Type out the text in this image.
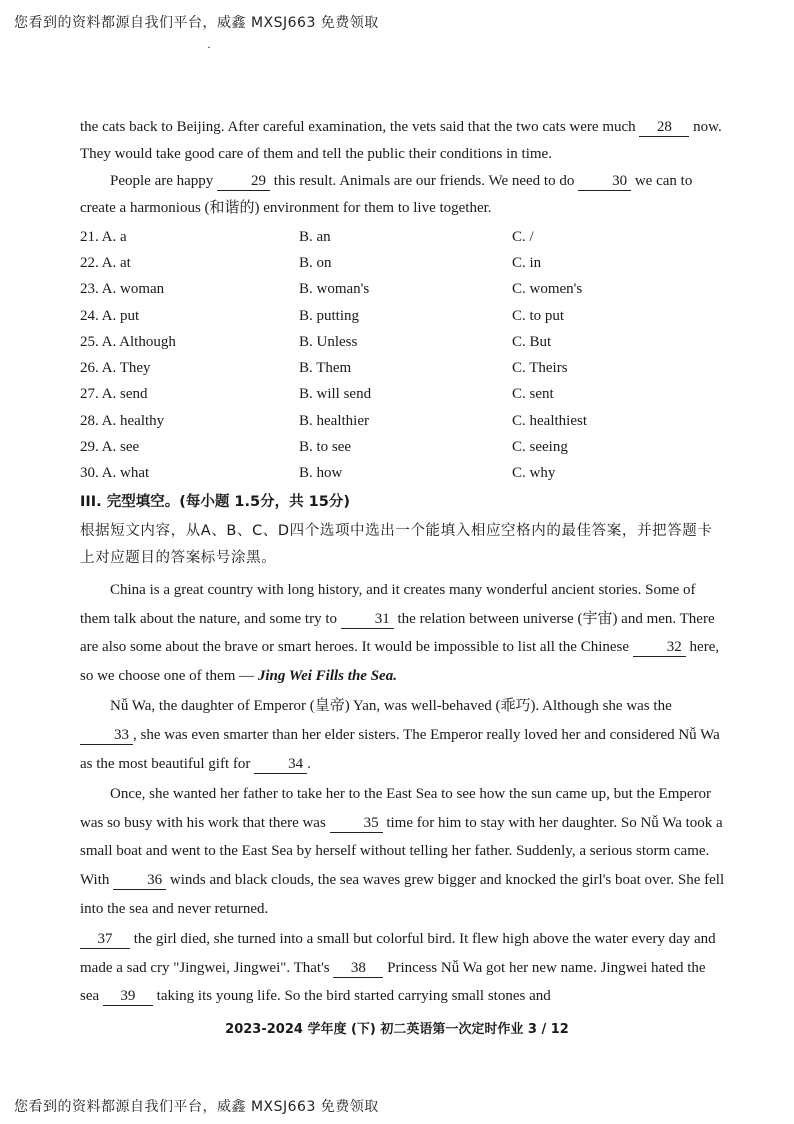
您看到的资料都源自我们平台，威鑫 MXSJ663 免费领取
·

the cats back to Beijing. After careful examination, the vets said that the two cats were much 28 now. They would take good care of them and tell the public their conditions in time.

People are happy	29 this result. Animals are our friends. We need to do	30 we can to

create a harmonious (和谐的) environment for them to live together.

21. A. a	B. an	C. /
22. A. at	B. on	C. in
23. A. woman	B. woman's	C. women's
24. A. put	B. putting	C. to put
25. A. Although	B. Unless	C. But
26. A. They	B. Them	C. Theirs
27. A. send	B. will send	C. sent
28. A. healthy	B. healthier	C. healthiest
29. A. see	B. to see	C. seeing
30. A. what	B. how	C. why
III. 完型填空。(每小题 1.5分，共 15分)
根据短文内容，从A、B、C、D四个选项中选出一个能填入相应空格内的最佳答案，并把答题卡上对应题目的答案标号涂黑。

China is a great country with long history, and it creates many wonderful ancient stories. Some of them talk about the nature, and some try to	31 the relation between universe (宇宙) and men. There are also some about the brave or smart heroes. It would be impossible to list all the Chinese	32 here, so we choose one of them — Jing Wei Fills the Sea.

Nǚ Wa, the daughter of Emperor (皇帝) Yan, was well-behaved (乖巧). Although she was the 33 , she was even smarter than her elder sisters. The Emperor really loved her and considered Nǚ Wa as the most beautiful gift for	34 .

Once, she wanted her father to take her to the East Sea to see how the sun came up, but the Emperor was so busy with his work that there was	35 time for him to stay with her daughter. So Nǚ Wa took a small boat and went to the East Sea by herself without telling her father. Suddenly, a serious storm came. With	36 winds and black clouds, the sea waves grew bigger and knocked the girl's boat over. She fell into the sea and never returned.

37 the girl died, she turned into a small but colorful bird. It flew high above the water every day and made a sad cry "Jingwei, Jingwei". That's 38 Princess Nǚ Wa got her new name. Jingwei hated the sea 39 taking its young life. So the bird started carrying small stones and

2023-2024 学年度 (下) 初二英语第一次定时作业 3 / 12
您看到的资料都源自我们平台，威鑫 MXSJ663 免费领取
